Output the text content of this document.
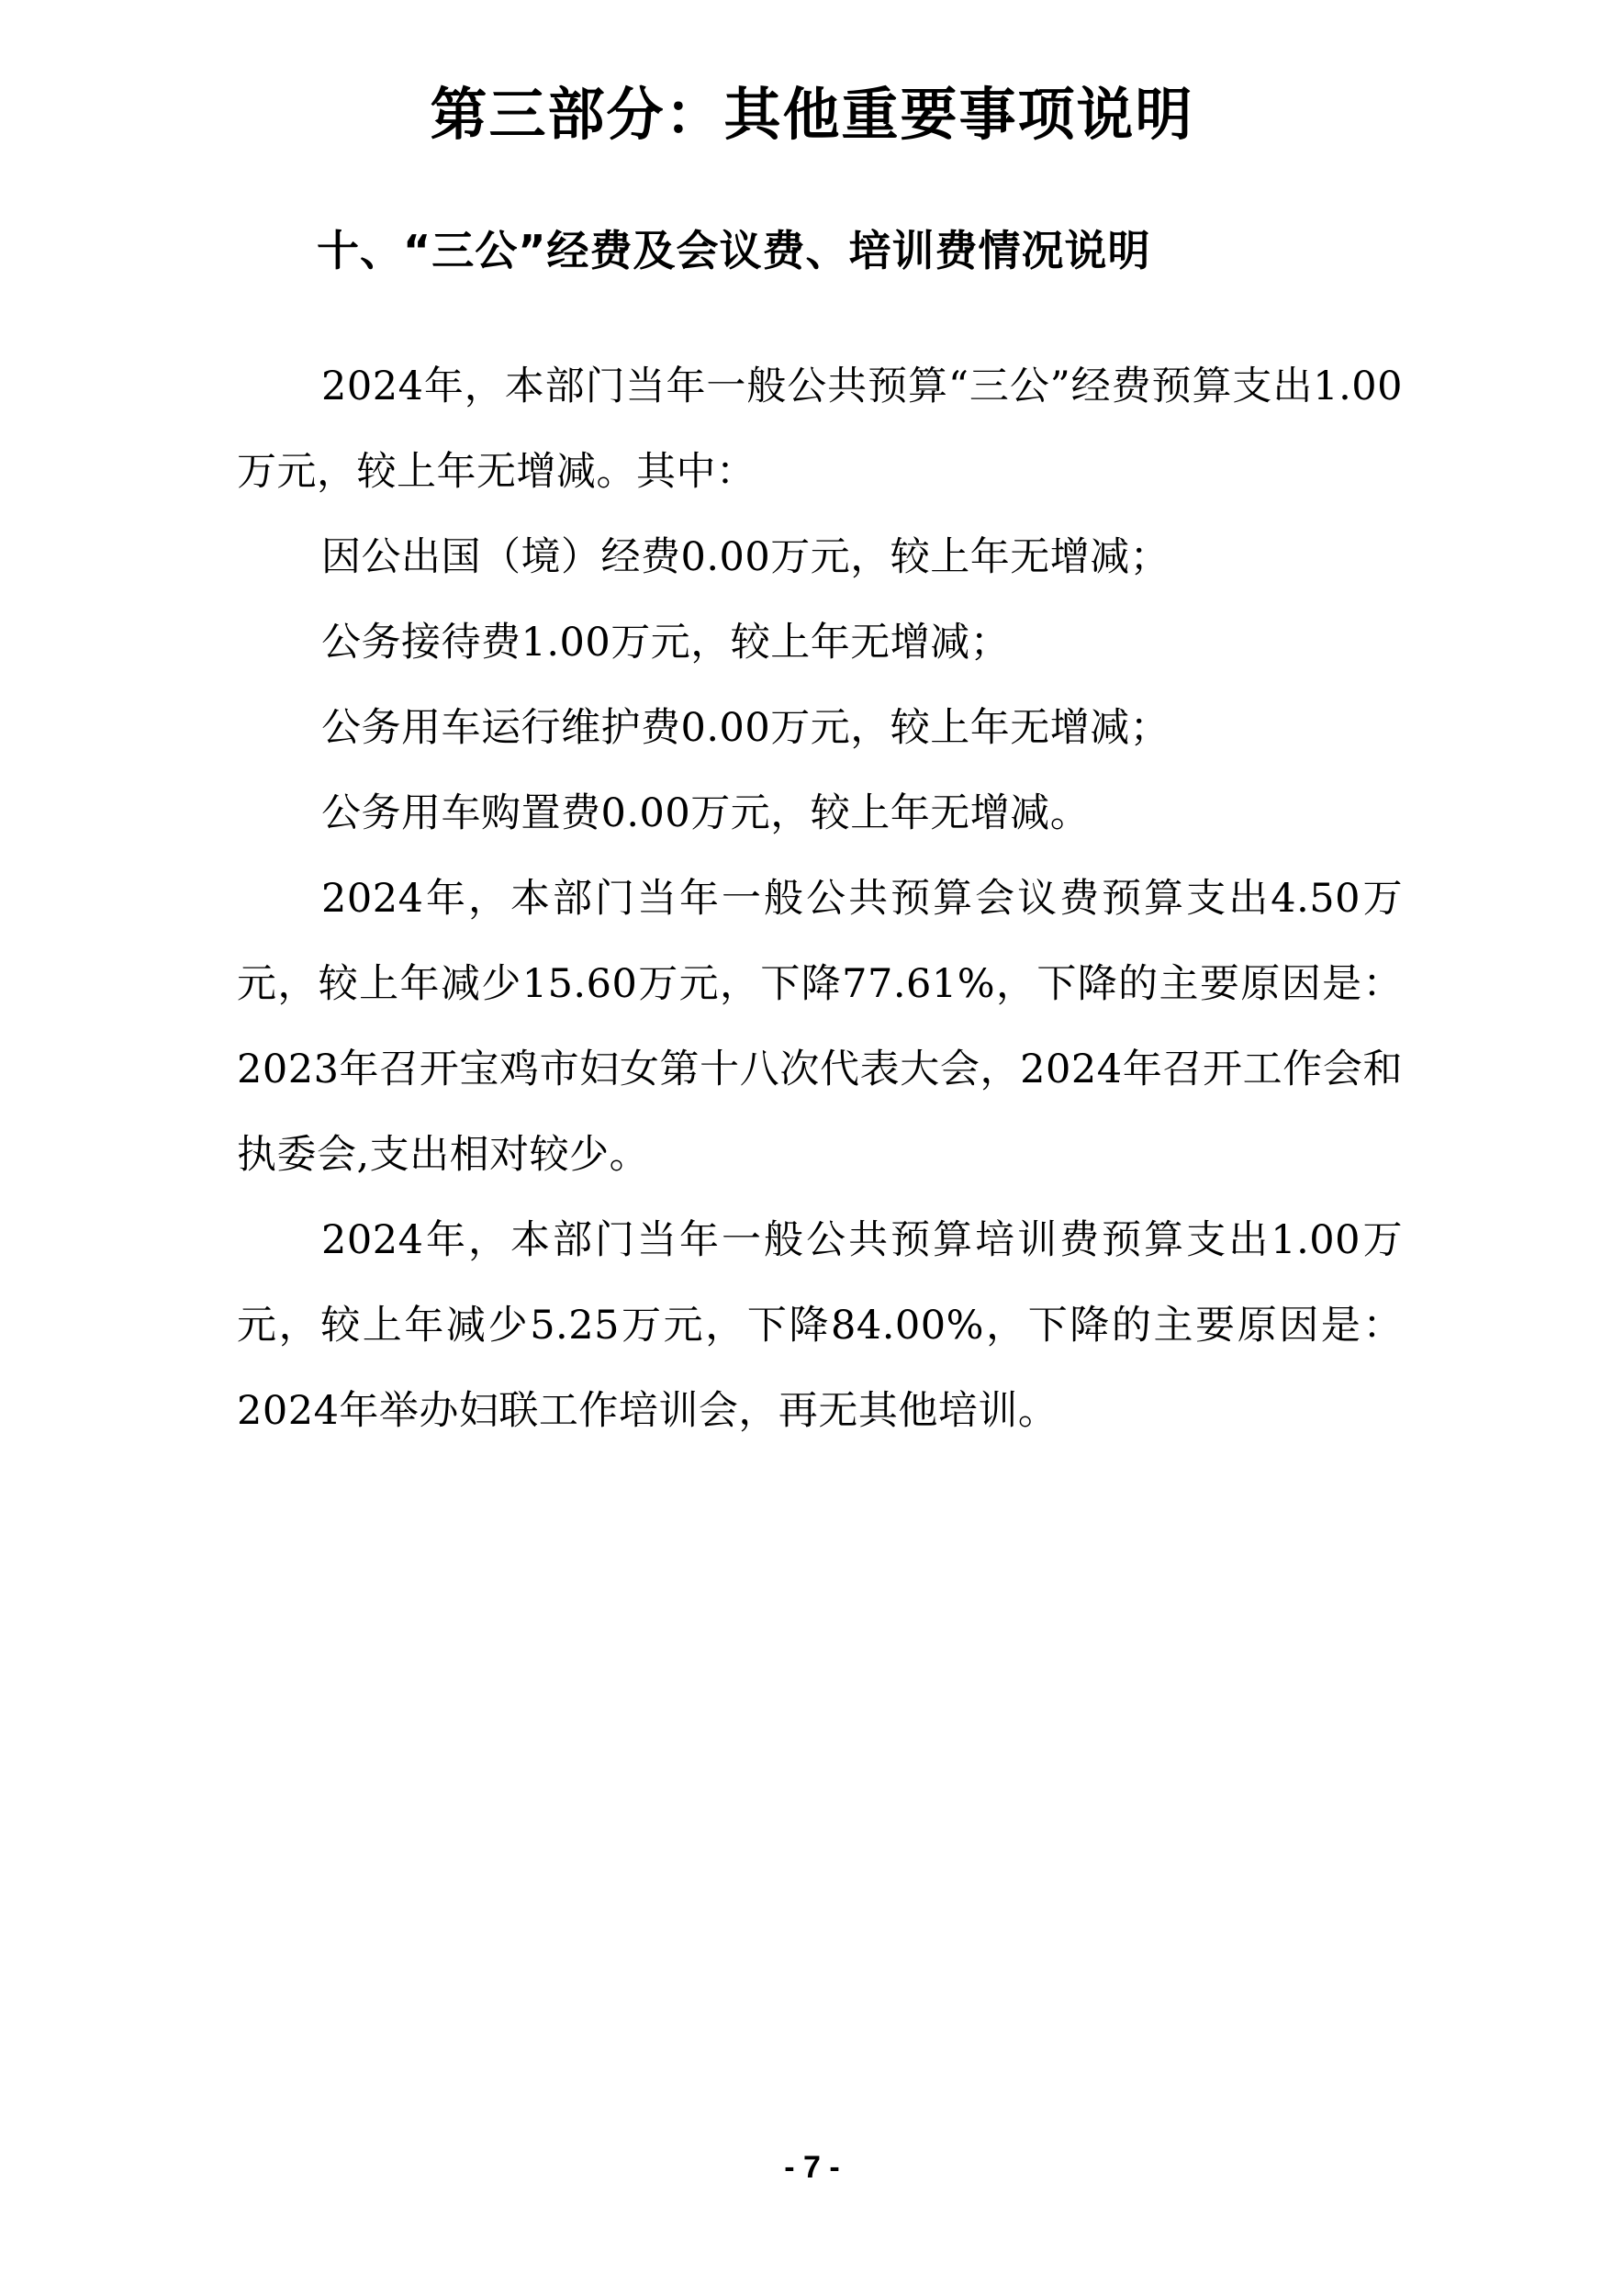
第三部分：其他重要事项说明
十、“三公”经费及会议费、培训费情况说明

2024年，本部门当年一般公共预算“三公”经费预算支出1.00万元，较上年无增减。其中：

因公出国（境）经费0.00万元，较上年无增减；

公务接待费1.00万元，较上年无增减；

公务用车运行维护费0.00万元，较上年无增减；

公务用车购置费0.00万元，较上年无增减。

2024年，本部门当年一般公共预算会议费预算支出4.50万元，较上年减少15.60万元，下降77.61%，下降的主要原因是：2023年召开宝鸡市妇女第十八次代表大会，2024年召开工作会和执委会,支出相对较少。

2024年，本部门当年一般公共预算培训费预算支出1.00万元，较上年减少5.25万元，下降84.00%，下降的主要原因是：2024年举办妇联工作培训会，再无其他培训。

- 7 -
